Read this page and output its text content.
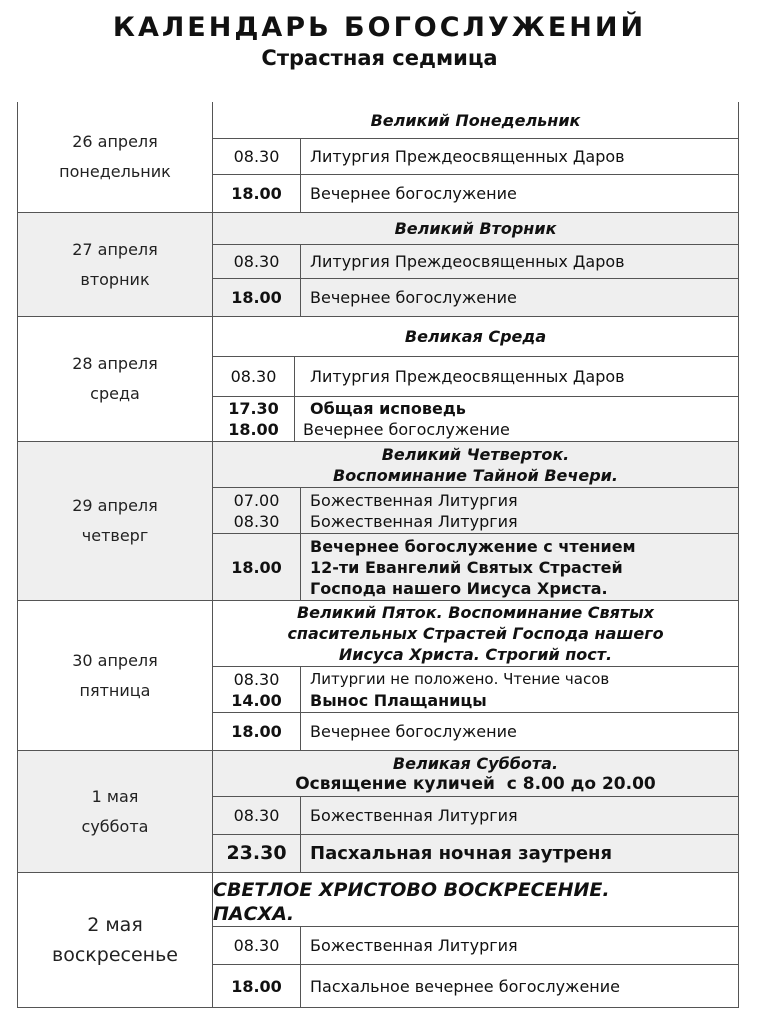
КАЛЕНДАРЬ БОГОСЛУЖЕНИЙ
Страстная седмица
26 апреля
понедельник
Великий Понедельник
08.30 Литургия Преждеосвященных Даров
18.00 Вечернее богослужение
27 апреля
вторник
Великий Вторник
08.30 Литургия Преждеосвященных Даров
18.00 Вечернее богослужение
28 апреля
среда
Великая Среда
08.30 Литургия Преждеосвященных Даров
17.30
18.00
Общая исповедь
Вечернее богослужение
29 апреля
четверг
Великий Четверток.
Воспоминание Тайной Вечери.
07.00
08.30
Божественная Литургия
Божественная Литургия
18.00
Вечернее богослужение с чтением
12-ти Евангелий Святых Страстей
Господа нашего Иисуса Христа.
30 апреля
пятница
Великий Пяток. Воспоминание Святых
спасительных Страстей Господа нашего
Иисуса Христа. Строгий пост.
08.30
14.00
Литургии не положено. Чтение часов
Вынос Плащаницы
18.00 Вечернее богослужение
1 мая
суббота
Великая Суббота.
Освящение куличей  с 8.00 до 20.00
08.30 Божественная Литургия
23.30 Пасхальная ночная заутреня
2 мая
воскресенье
СВЕТЛОЕ ХРИСТОВО ВОСКРЕСЕНИЕ.
ПАСХА.
08.30 Божественная Литургия
18.00 Пасхальное вечернее богослужение
